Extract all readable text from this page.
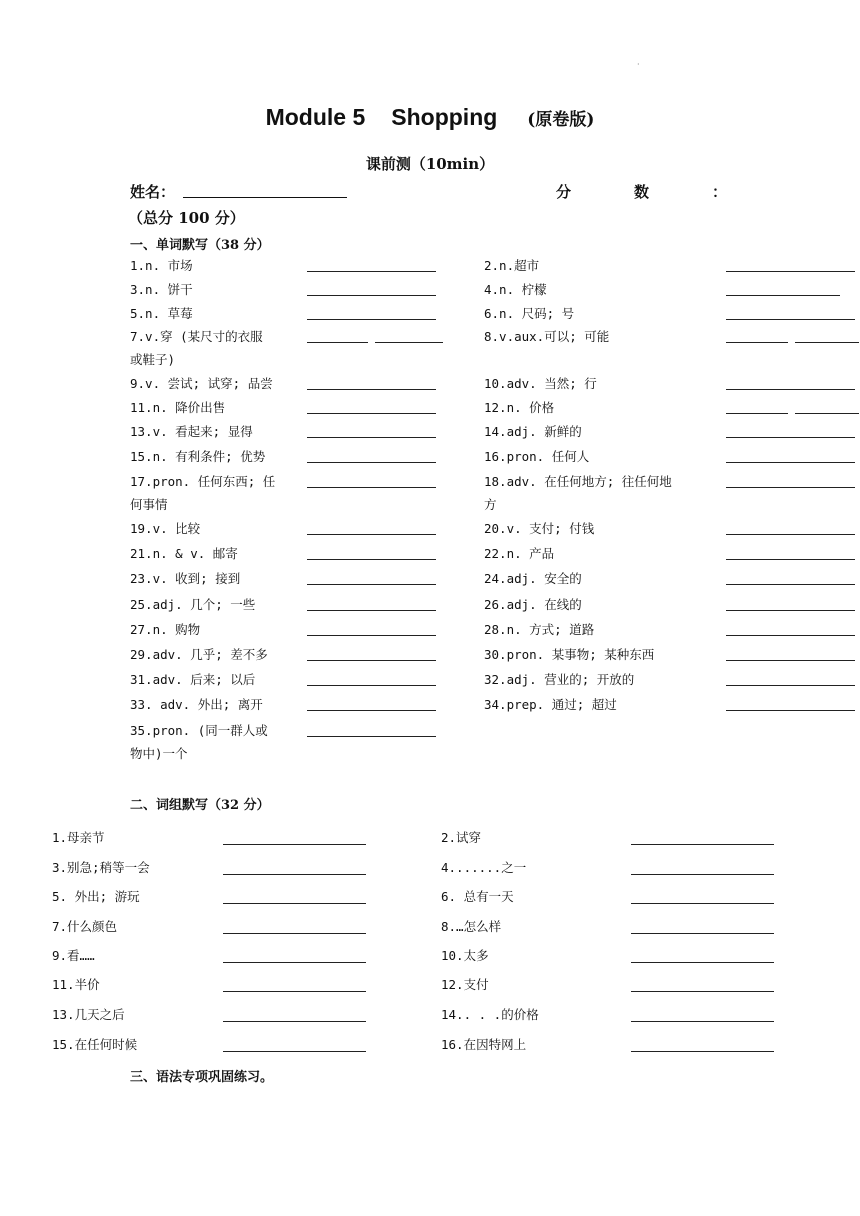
·
Module 5 Shopping (原卷版)
课前测（10min）
姓名：	分	数	：
（总分 100 分）
一、单词默写（38 分）
1.n. 市场
3.n. 饼干
5.n. 草莓
7.v.穿 (某尺寸的衣服
或鞋子)
9.v. 尝试; 试穿; 品尝
11.n. 降价出售
13.v. 看起来; 显得
15.n. 有利条件; 优势
17.pron. 任何东西; 任
何事情
19.v. 比较
21.n. & v. 邮寄
23.v. 收到; 接到
25.adj. 几个; 一些
27.n. 购物
29.adv. 几乎; 差不多
31.adv. 后来; 以后
33. adv. 外出; 离开
35.pron. (同一群人或
物中)一个
2.n.超市
4.n. 柠檬
6.n. 尺码; 号
8.v.aux.可以; 可能
10.adv. 当然; 行
12.n. 价格
14.adj. 新鲜的
16.pron. 任何人
18.adv. 在任何地方; 往任何地
方
20.v. 支付; 付钱
22.n. 产品
24.adj. 安全的
26.adj. 在线的
28.n. 方式; 道路
30.pron. 某事物; 某种东西
32.adj. 营业的; 开放的
34.prep. 通过; 超过
二、词组默写（32 分）
1.母亲节
3.别急;稍等一会
5. 外出; 游玩
7.什么颜色
9.看……
11.半价
13.几天之后
15.在任何时候
2.试穿
4.......之一
6. 总有一天
8.…怎么样
10.太多
12.支付
14.. . .的价格
16.在因特网上
三、语法专项巩固练习。
